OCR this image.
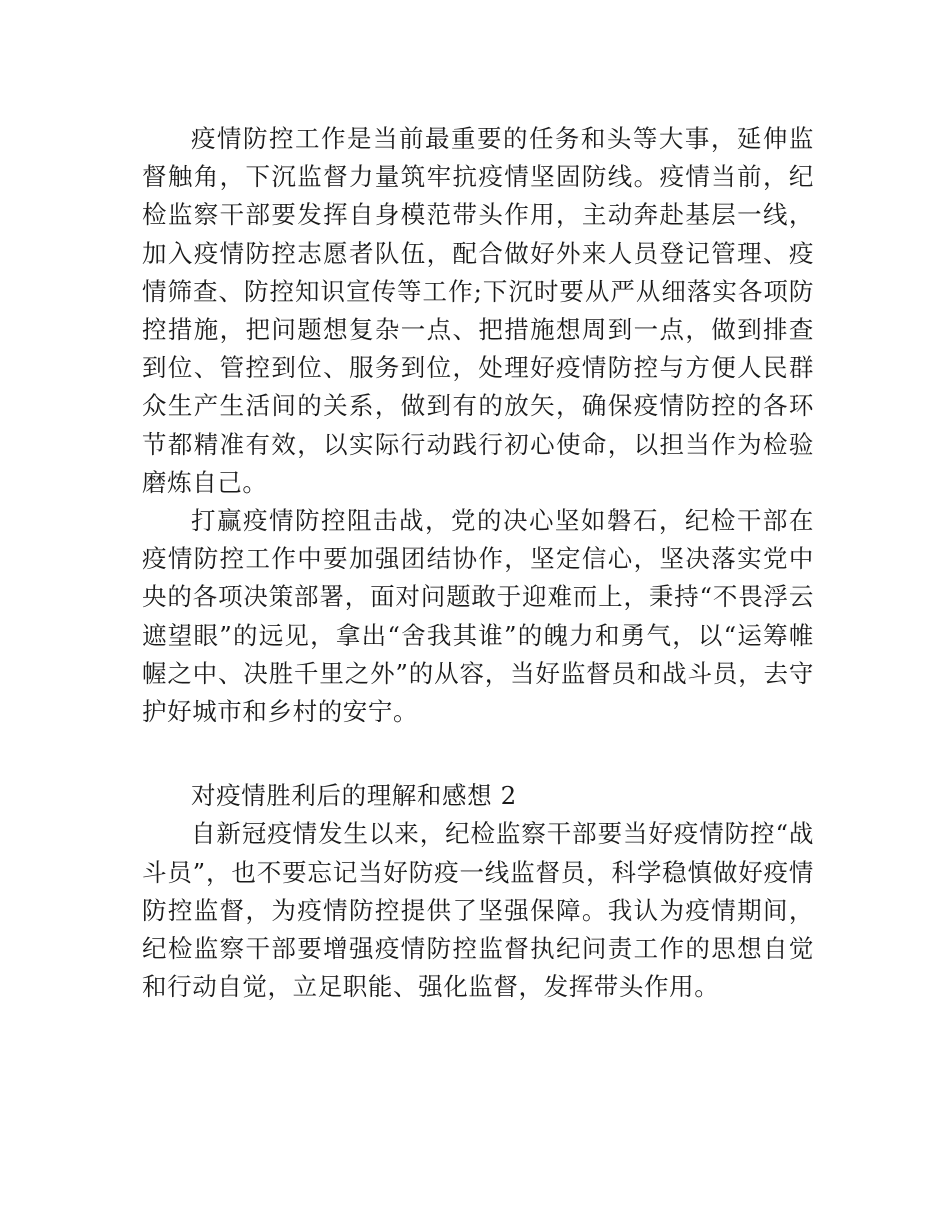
疫情防控工作是当前最重要的任务和头等大事，延伸监督触角，下沉监督力量筑牢抗疫情坚固防线。疫情当前，纪检监察干部要发挥自身模范带头作用，主动奔赴基层一线，加入疫情防控志愿者队伍，配合做好外来人员登记管理、疫情筛查、防控知识宣传等工作;下沉时要从严从细落实各项防控措施，把问题想复杂一点、把措施想周到一点，做到排查到位、管控到位、服务到位，处理好疫情防控与方便人民群众生产生活间的关系，做到有的放矢，确保疫情防控的各环节都精准有效，以实际行动践行初心使命，以担当作为检验磨炼自己。

打赢疫情防控阻击战，党的决心坚如磐石，纪检干部在疫情防控工作中要加强团结协作，坚定信心，坚决落实党中央的各项决策部署，面对问题敢于迎难而上，秉持“不畏浮云遮望眼”的远见，拿出“舍我其谁”的魄力和勇气，以“运筹帷幄之中、决胜千里之外”的从容，当好监督员和战斗员，去守护好城市和乡村的安宁。

对疫情胜利后的理解和感想 2

自新冠疫情发生以来，纪检监察干部要当好疫情防控“战斗员”，也不要忘记当好防疫一线监督员，科学稳慎做好疫情防控监督，为疫情防控提供了坚强保障。我认为疫情期间，纪检监察干部要增强疫情防控监督执纪问责工作的思想自觉和行动自觉，立足职能、强化监督，发挥带头作用。
